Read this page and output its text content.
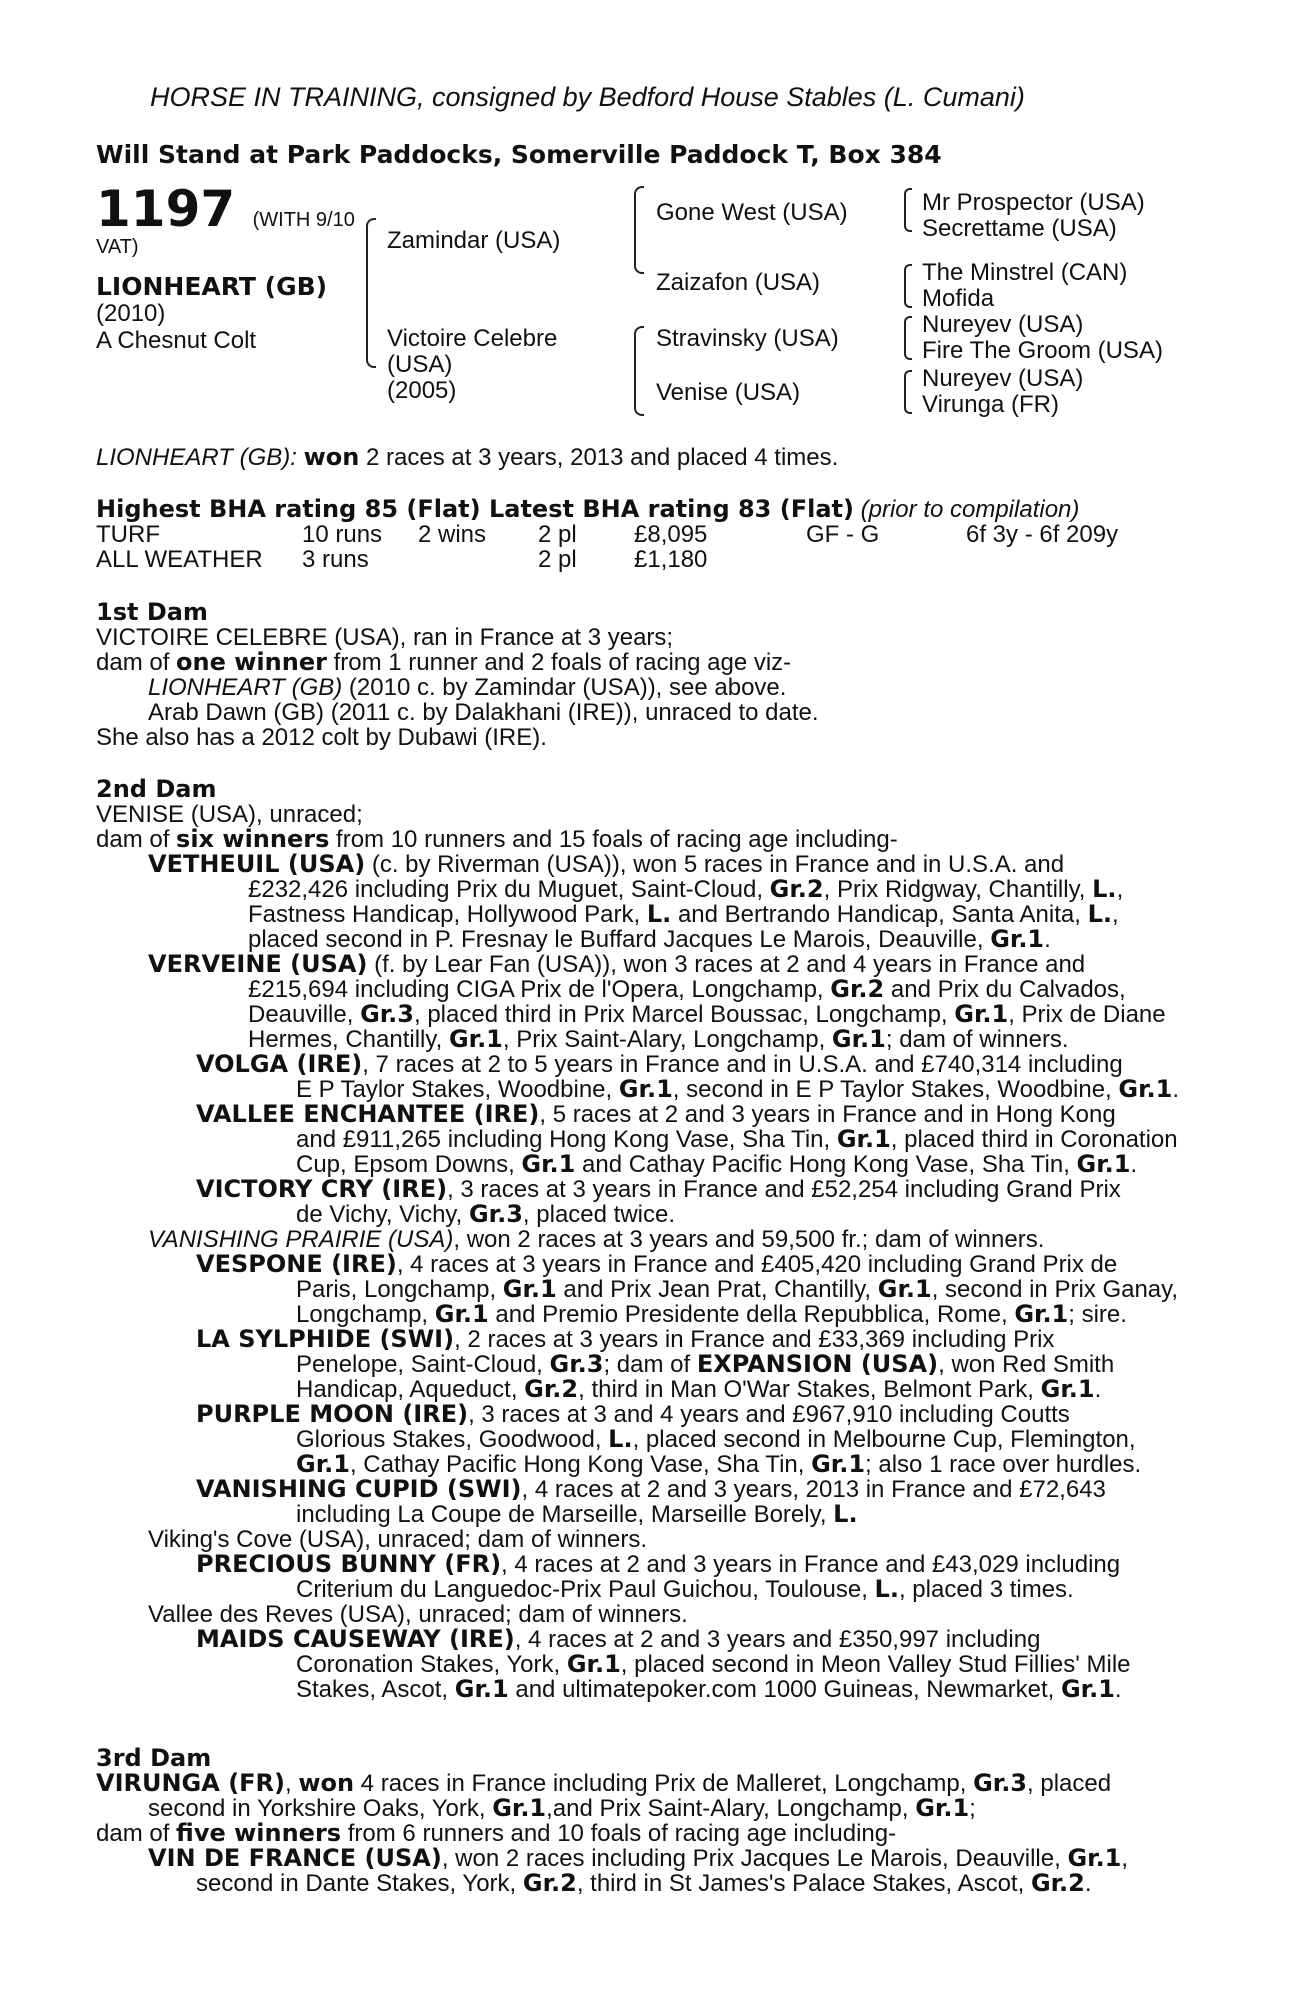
HORSE IN TRAINING, consigned by Bedford House Stables (L. Cumani)
Will Stand at Park Paddocks, Somerville Paddock T, Box 384
1197 (WITH 9/10
VAT)
LIONHEART (GB)
(2010)
A Chesnut Colt
Zamindar (USA)
Victoire Celebre
(USA)
(2005)
Gone West (USA)
Zaizafon (USA)
Stravinsky (USA)
Venise (USA)
Mr Prospector (USA)
Secrettame (USA)
The Minstrel (CAN)
Mofida
Nureyev (USA)
Fire The Groom (USA)
Nureyev (USA)
Virunga (FR)
LIONHEART (GB): won 2 races at 3 years, 2013 and placed 4 times.
Highest BHA rating 85 (Flat) Latest BHA rating 83 (Flat) (prior to compilation)
TURF	10 runs	2 wins	2 pl	£8,095	GF - G	6f 3y - 6f 209y
ALL WEATHER	3 runs		2 pl	£1,180		
1st Dam
VICTOIRE CELEBRE (USA), ran in France at 3 years;
dam of one winner from 1 runner and 2 foals of racing age viz-
LIONHEART (GB) (2010 c. by Zamindar (USA)), see above.
Arab Dawn (GB) (2011 c. by Dalakhani (IRE)), unraced to date.
She also has a 2012 colt by Dubawi (IRE).
2nd Dam
VENISE (USA), unraced;
dam of six winners from 10 runners and 15 foals of racing age including-
VETHEUIL (USA) (c. by Riverman (USA)), won 5 races in France and in U.S.A. and
£232,426 including Prix du Muguet, Saint-Cloud, Gr.2, Prix Ridgway, Chantilly, L.,
Fastness Handicap, Hollywood Park, L. and Bertrando Handicap, Santa Anita, L.,
placed second in P. Fresnay le Buffard Jacques Le Marois, Deauville, Gr.1.
VERVEINE (USA) (f. by Lear Fan (USA)), won 3 races at 2 and 4 years in France and
£215,694 including CIGA Prix de l'Opera, Longchamp, Gr.2 and Prix du Calvados,
Deauville, Gr.3, placed third in Prix Marcel Boussac, Longchamp, Gr.1, Prix de Diane
Hermes, Chantilly, Gr.1, Prix Saint-Alary, Longchamp, Gr.1; dam of winners.
VOLGA (IRE), 7 races at 2 to 5 years in France and in U.S.A. and £740,314 including
E P Taylor Stakes, Woodbine, Gr.1, second in E P Taylor Stakes, Woodbine, Gr.1.
VALLEE ENCHANTEE (IRE), 5 races at 2 and 3 years in France and in Hong Kong
and £911,265 including Hong Kong Vase, Sha Tin, Gr.1, placed third in Coronation
Cup, Epsom Downs, Gr.1 and Cathay Pacific Hong Kong Vase, Sha Tin, Gr.1.
VICTORY CRY (IRE), 3 races at 3 years in France and £52,254 including Grand Prix
de Vichy, Vichy, Gr.3, placed twice.
VANISHING PRAIRIE (USA), won 2 races at 3 years and 59,500 fr.; dam of winners.
VESPONE (IRE), 4 races at 3 years in France and £405,420 including Grand Prix de
Paris, Longchamp, Gr.1 and Prix Jean Prat, Chantilly, Gr.1, second in Prix Ganay,
Longchamp, Gr.1 and Premio Presidente della Repubblica, Rome, Gr.1; sire.
LA SYLPHIDE (SWI), 2 races at 3 years in France and £33,369 including Prix
Penelope, Saint-Cloud, Gr.3; dam of EXPANSION (USA), won Red Smith
Handicap, Aqueduct, Gr.2, third in Man O'War Stakes, Belmont Park, Gr.1.
PURPLE MOON (IRE), 3 races at 3 and 4 years and £967,910 including Coutts
Glorious Stakes, Goodwood, L., placed second in Melbourne Cup, Flemington,
Gr.1, Cathay Pacific Hong Kong Vase, Sha Tin, Gr.1; also 1 race over hurdles.
VANISHING CUPID (SWI), 4 races at 2 and 3 years, 2013 in France and £72,643
including La Coupe de Marseille, Marseille Borely, L.
Viking's Cove (USA), unraced; dam of winners.
PRECIOUS BUNNY (FR), 4 races at 2 and 3 years in France and £43,029 including
Criterium du Languedoc-Prix Paul Guichou, Toulouse, L., placed 3 times.
Vallee des Reves (USA), unraced; dam of winners.
MAIDS CAUSEWAY (IRE), 4 races at 2 and 3 years and £350,997 including
Coronation Stakes, York, Gr.1, placed second in Meon Valley Stud Fillies' Mile
Stakes, Ascot, Gr.1 and ultimatepoker.com 1000 Guineas, Newmarket, Gr.1.
3rd Dam
VIRUNGA (FR), won 4 races in France including Prix de Malleret, Longchamp, Gr.3, placed
second in Yorkshire Oaks, York, Gr.1,and Prix Saint-Alary, Longchamp, Gr.1;
dam of five winners from 6 runners and 10 foals of racing age including-
VIN DE FRANCE (USA), won 2 races including Prix Jacques Le Marois, Deauville, Gr.1,
second in Dante Stakes, York, Gr.2, third in St James's Palace Stakes, Ascot, Gr.2.
